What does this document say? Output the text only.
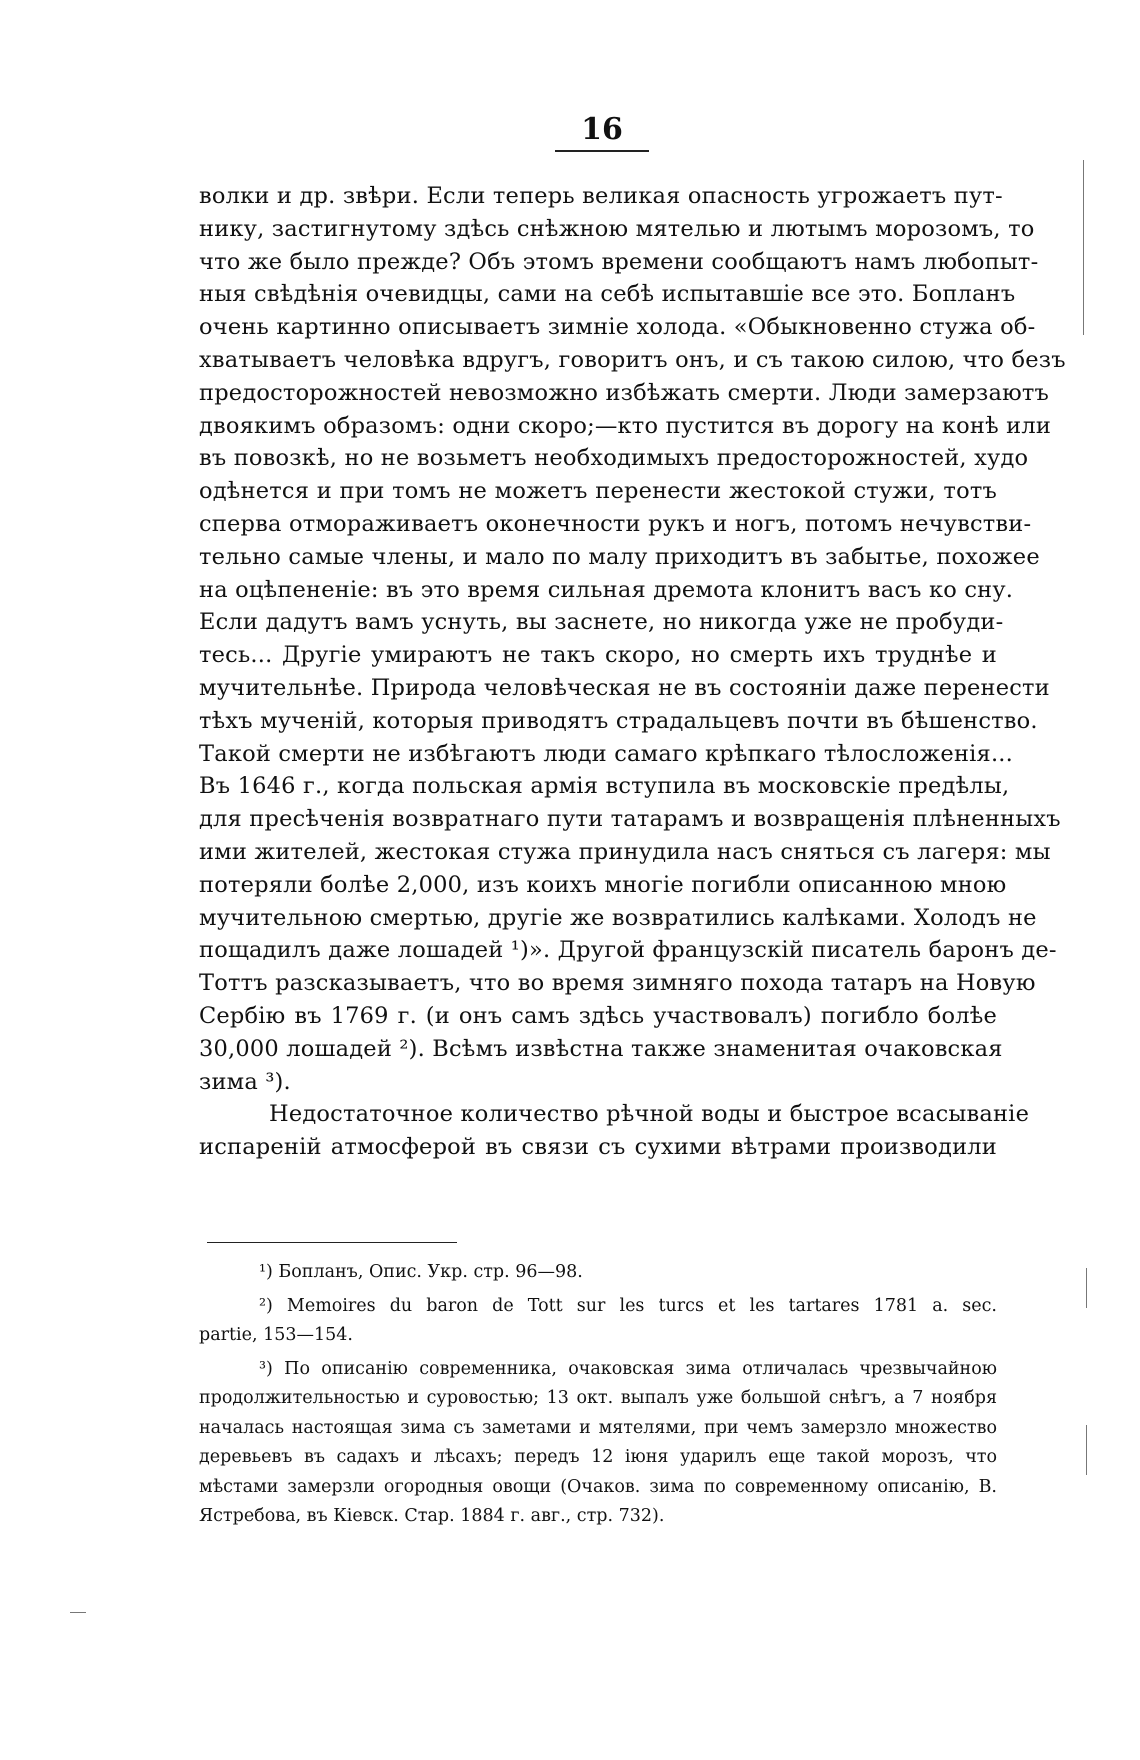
16
волки и др. звѣри. Если теперь великая опасность угрожаетъ пут-
нику, застигнутому здѣсь снѣжною мятелью и лютымъ морозомъ, то
что же было прежде? Объ этомъ времени сообщаютъ намъ любопыт-
ныя свѣдѣнія очевидцы, сами на себѣ испытавшіе все это. Бопланъ
очень картинно описываетъ зимніе холода. «Обыкновенно стужа об-
хватываетъ человѣка вдругъ, говоритъ онъ, и съ такою силою, что безъ
предосторожностей невозможно избѣжать смерти. Люди замерзаютъ
двоякимъ образомъ: одни скоро;—кто пустится въ дорогу на конѣ или
въ повозкѣ, но не возьметъ необходимыхъ предосторожностей, худо
одѣнется и при томъ не можетъ перенести жестокой стужи, тотъ
сперва отмораживаетъ оконечности рукъ и ногъ, потомъ нечувстви-
тельно самые члены, и мало по малу приходитъ въ забытье, похожее
на оцѣпененіе: въ это время сильная дремота клонитъ васъ ко сну.
Если дадутъ вамъ уснуть, вы заснете, но никогда уже не пробуди-
тесь... Другіе умираютъ не такъ скоро, но смерть ихъ труднѣе и
мучительнѣе. Природа человѣческая не въ состояніи даже перенести
тѣхъ мученій, которыя приводятъ страдальцевъ почти въ бѣшенство.
Такой смерти не избѣгаютъ люди самаго крѣпкаго тѣлосложенія...
Въ 1646 г., когда польская армія вступила въ московскіе предѣлы,
для пресѣченія возвратнаго пути татарамъ и возвращенія плѣненныхъ
ими жителей, жестокая стужа принудила насъ сняться съ лагеря: мы
потеряли болѣе 2,000, изъ коихъ многіе погибли описанною мною
мучительною смертью, другіе же возвратились калѣками. Холодъ не
пощадилъ даже лошадей ¹)». Другой французскій писатель баронъ де-
Тоттъ разсказываетъ, что во время зимняго похода татаръ на Новую
Сербію въ 1769 г. (и онъ самъ здѣсь участвовалъ) погибло болѣе
30,000 лошадей ²). Всѣмъ извѣстна также знаменитая очаковская
зима ³).
Недостаточное количество рѣчной воды и быстрое всасываніе
испареній атмосферой въ связи съ сухими вѣтрами производили
¹) Бопланъ, Опис. Укр. стр. 96—98.
²) Memoires du baron de Tott sur les turcs et les tartares 1781 a. sec.
partie, 153—154.
³) По описанію современника, очаковская зима отличалась чрезвычайною
продолжительностью и суровостью; 13 окт. выпалъ уже большой снѣгъ, а 7 ноября
началась настоящая зима съ заметами и мятелями, при чемъ замерзло множество
деревьевъ въ садахъ и лѣсахъ; передъ 12 іюня ударилъ еще такой морозъ, что
мѣстами замерзли огородныя овощи (Очаков. зима по современному описанію, В.
Ястребова, въ Кіевск. Стар. 1884 г. авг., стр. 732).
